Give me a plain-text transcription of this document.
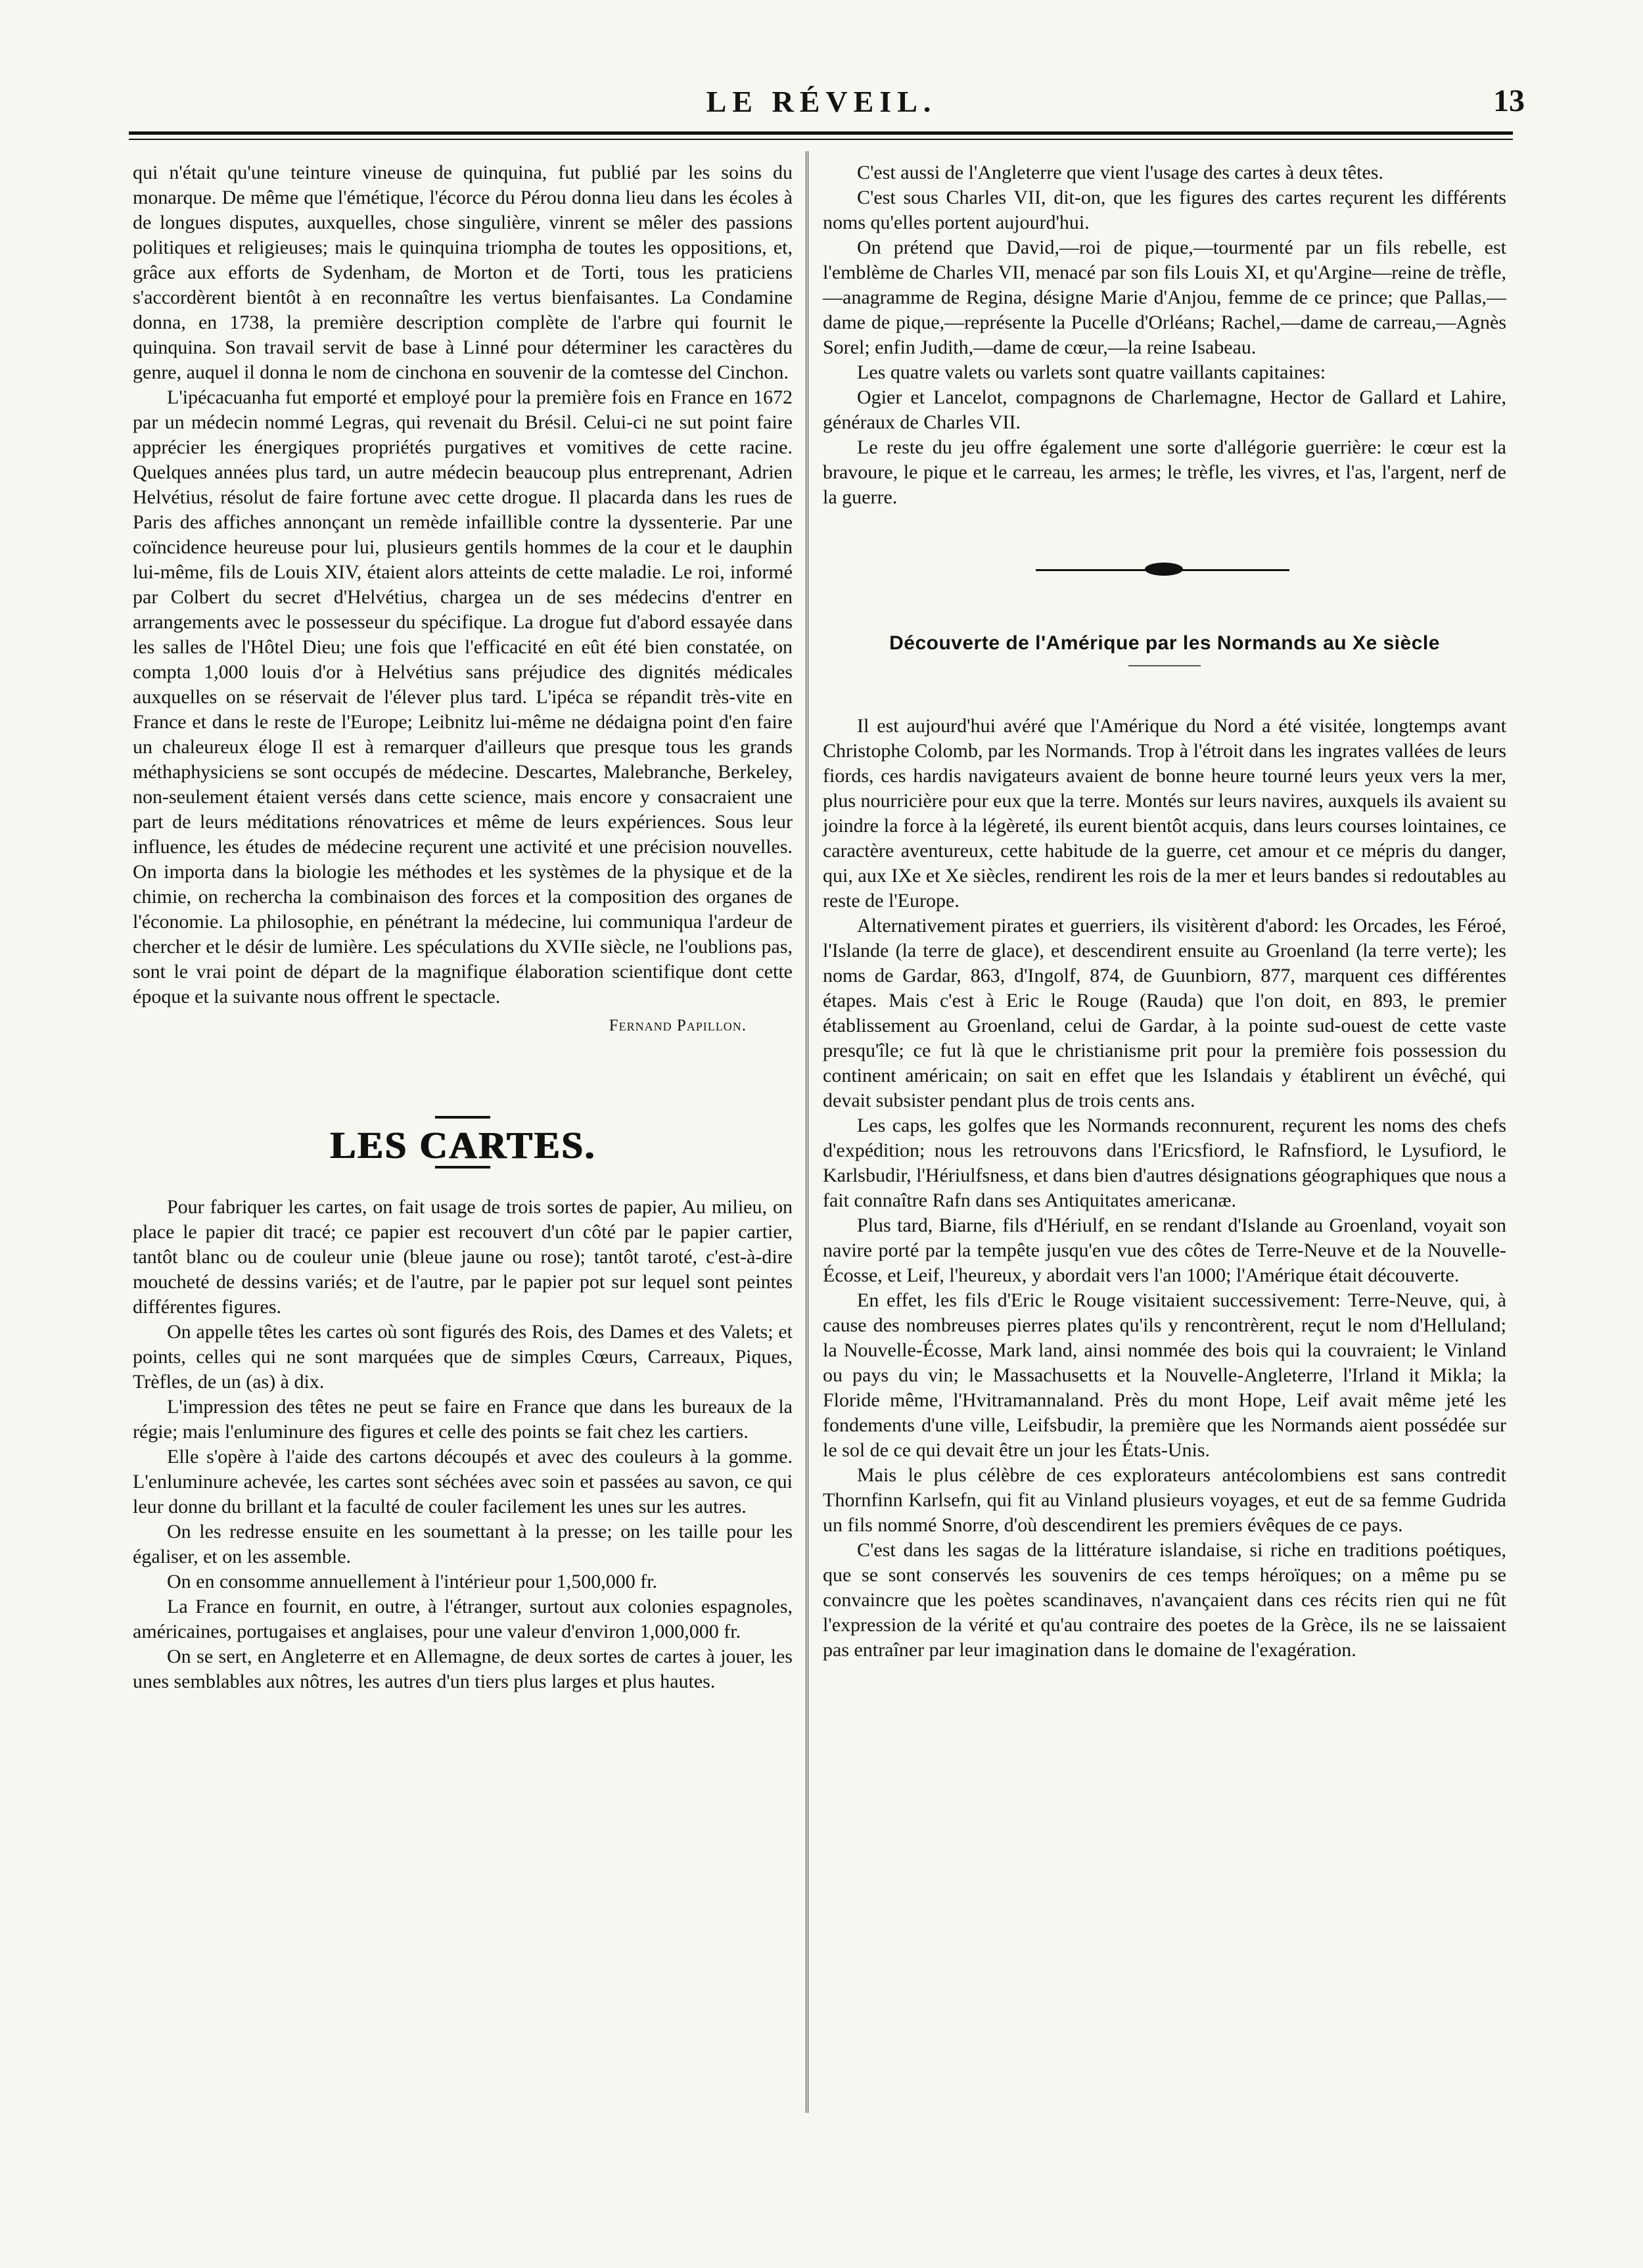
LE RÉVEIL.	13

qui n'était qu'une teinture vineuse de quinquina, fut publié par les soins du monarque. De même que l'émétique, l'écorce du Pérou donna lieu dans les écoles à de longues disputes, auxquelles, chose singulière, vinrent se mêler des passions politiques et religieuses; mais le quinquina triompha de toutes les oppositions, et, grâce aux efforts de Sydenham, de Morton et de Torti, tous les praticiens s'accordèrent bientôt à en reconnaître les vertus bienfaisantes. La Condamine donna, en 1738, la première description complète de l'arbre qui fournit le quinquina. Son travail servit de base à Linné pour déterminer les caractères du genre, auquel il donna le nom de cinchona en souvenir de la comtesse del Cinchon.

L'ipécacuanha fut emporté et employé pour la première fois en France en 1672 par un médecin nommé Legras, qui revenait du Brésil. Celui-ci ne sut point faire apprécier les énergiques propriétés purgatives et vomitives de cette racine. Quelques années plus tard, un autre médecin beaucoup plus entreprenant, Adrien Helvétius, résolut de faire fortune avec cette drogue. Il placarda dans les rues de Paris des affiches annonçant un remède infaillible contre la dyssenterie. Par une coïncidence heureuse pour lui, plusieurs gentils hommes de la cour et le dauphin lui-même, fils de Louis XIV, étaient alors atteints de cette maladie. Le roi, informé par Colbert du secret d'Helvétius, chargea un de ses médecins d'entrer en arrangements avec le possesseur du spécifique. La drogue fut d'abord essayée dans les salles de l'Hôtel Dieu; une fois que l'efficacité en eût été bien constatée, on compta 1,000 louis d'or à Helvétius sans préjudice des dignités médicales auxquelles on se réservait de l'élever plus tard. L'ipéca se répandit très-vite en France et dans le reste de l'Europe; Leibnitz lui-même ne dédaigna point d'en faire un chaleureux éloge Il est à remarquer d'ailleurs que presque tous les grands méthaphysiciens se sont occupés de médecine. Descartes, Malebranche, Berkeley, non-seulement étaient versés dans cette science, mais encore y consacraient une part de leurs méditations rénovatrices et même de leurs expériences. Sous leur influence, les études de médecine reçurent une activité et une précision nouvelles. On importa dans la biologie les méthodes et les systèmes de la physique et de la chimie, on rechercha la combinaison des forces et la composition des organes de l'économie. La philosophie, en pénétrant la médecine, lui communiqua l'ardeur de chercher et le désir de lumière. Les spéculations du XVIIe siècle, ne l'oublions pas, sont le vrai point de départ de la magnifique élaboration scientifique dont cette époque et la suivante nous offrent le spectacle.

Fernand Papillon.

LES CARTES.

Pour fabriquer les cartes, on fait usage de trois sortes de papier, Au milieu, on place le papier dit tracé; ce papier est recouvert d'un côté par le papier cartier, tantôt blanc ou de couleur unie (bleue jaune ou rose); tantôt taroté, c'est-à-dire moucheté de dessins variés; et de l'autre, par le papier pot sur lequel sont peintes différentes figures.

On appelle têtes les cartes où sont figurés des Rois, des Dames et des Valets; et points, celles qui ne sont marquées que de simples Cœurs, Carreaux, Piques, Trèfles, de un (as) à dix.

L'impression des têtes ne peut se faire en France que dans les bureaux de la régie; mais l'enluminure des figures et celle des points se fait chez les cartiers.

Elle s'opère à l'aide des cartons découpés et avec des couleurs à la gomme. L'enluminure achevée, les cartes sont séchées avec soin et passées au savon, ce qui leur donne du brillant et la faculté de couler facilement les unes sur les autres.

On les redresse ensuite en les soumettant à la presse; on les taille pour les égaliser, et on les assemble.

On en consomme annuellement à l'intérieur pour 1,500,000 fr.

La France en fournit, en outre, à l'étranger, surtout aux colonies espagnoles, américaines, portugaises et anglaises, pour une valeur d'environ 1,000,000 fr.

On se sert, en Angleterre et en Allemagne, de deux sortes de cartes à jouer, les unes semblables aux nôtres, les autres d'un tiers plus larges et plus hautes.

C'est aussi de l'Angleterre que vient l'usage des cartes à deux têtes.

C'est sous Charles VII, dit-on, que les figures des cartes reçurent les différents noms qu'elles portent aujourd'hui.

On prétend que David,—roi de pique,—tourmenté par un fils rebelle, est l'emblème de Charles VII, menacé par son fils Louis XI, et qu'Argine—reine de trèfle,—anagramme de Regina, désigne Marie d'Anjou, femme de ce prince; que Pallas,—dame de pique,—représente la Pucelle d'Orléans; Rachel,—dame de carreau,—Agnès Sorel; enfin Judith,—dame de cœur,—la reine Isabeau.

Les quatre valets ou varlets sont quatre vaillants capitaines:

Ogier et Lancelot, compagnons de Charlemagne, Hector de Gallard et Lahire, généraux de Charles VII.

Le reste du jeu offre également une sorte d'allégorie guerrière: le cœur est la bravoure, le pique et le carreau, les armes; le trèfle, les vivres, et l'as, l'argent, nerf de la guerre.

Découverte de l'Amérique par les Normands au Xe siècle

Il est aujourd'hui avéré que l'Amérique du Nord a été visitée, longtemps avant Christophe Colomb, par les Normands. Trop à l'étroit dans les ingrates vallées de leurs fiords, ces hardis navigateurs avaient de bonne heure tourné leurs yeux vers la mer, plus nourricière pour eux que la terre. Montés sur leurs navires, auxquels ils avaient su joindre la force à la légèreté, ils eurent bientôt acquis, dans leurs courses lointaines, ce caractère aventureux, cette habitude de la guerre, cet amour et ce mépris du danger, qui, aux IXe et Xe siècles, rendirent les rois de la mer et leurs bandes si redoutables au reste de l'Europe.

Alternativement pirates et guerriers, ils visitèrent d'abord: les Orcades, les Féroé, l'Islande (la terre de glace), et descendirent ensuite au Groenland (la terre verte); les noms de Gardar, 863, d'Ingolf, 874, de Guunbiorn, 877, marquent ces différentes étapes. Mais c'est à Eric le Rouge (Rauda) que l'on doit, en 893, le premier établissement au Groenland, celui de Gardar, à la pointe sud-ouest de cette vaste presqu'île; ce fut là que le christianisme prit pour la première fois possession du continent américain; on sait en effet que les Islandais y établirent un évêché, qui devait subsister pendant plus de trois cents ans.

Les caps, les golfes que les Normands reconnurent, reçurent les noms des chefs d'expédition; nous les retrouvons dans l'Ericsfiord, le Rafnsfiord, le Lysufiord, le Karlsbudir, l'Hériulfsness, et dans bien d'autres désignations géographiques que nous a fait connaître Rafn dans ses Antiquitates americanæ.

Plus tard, Biarne, fils d'Hériulf, en se rendant d'Islande au Groenland, voyait son navire porté par la tempête jusqu'en vue des côtes de Terre-Neuve et de la Nouvelle-Écosse, et Leif, l'heureux, y abordait vers l'an 1000; l'Amérique était découverte.

En effet, les fils d'Eric le Rouge visitaient successivement: Terre-Neuve, qui, à cause des nombreuses pierres plates qu'ils y rencontrèrent, reçut le nom d'Helluland; la Nouvelle-Écosse, Mark land, ainsi nommée des bois qui la couvraient; le Vinland ou pays du vin; le Massachusetts et la Nouvelle-Angleterre, l'Irland it Mikla; la Floride même, l'Hvitramannaland. Près du mont Hope, Leif avait même jeté les fondements d'une ville, Leifsbudir, la première que les Normands aient possédée sur le sol de ce qui devait être un jour les États-Unis.

Mais le plus célèbre de ces explorateurs antécolombiens est sans contredit Thornfinn Karlsefn, qui fit au Vinland plusieurs voyages, et eut de sa femme Gudrida un fils nommé Snorre, d'où descendirent les premiers évêques de ce pays.

C'est dans les sagas de la littérature islandaise, si riche en traditions poétiques, que se sont conservés les souvenirs de ces temps héroïques; on a même pu se convaincre que les poètes scandinaves, n'avançaient dans ces récits rien qui ne fût l'expression de la vérité et qu'au contraire des poetes de la Grèce, ils ne se laissaient pas entraîner par leur imagination dans le domaine de l'exagération.
